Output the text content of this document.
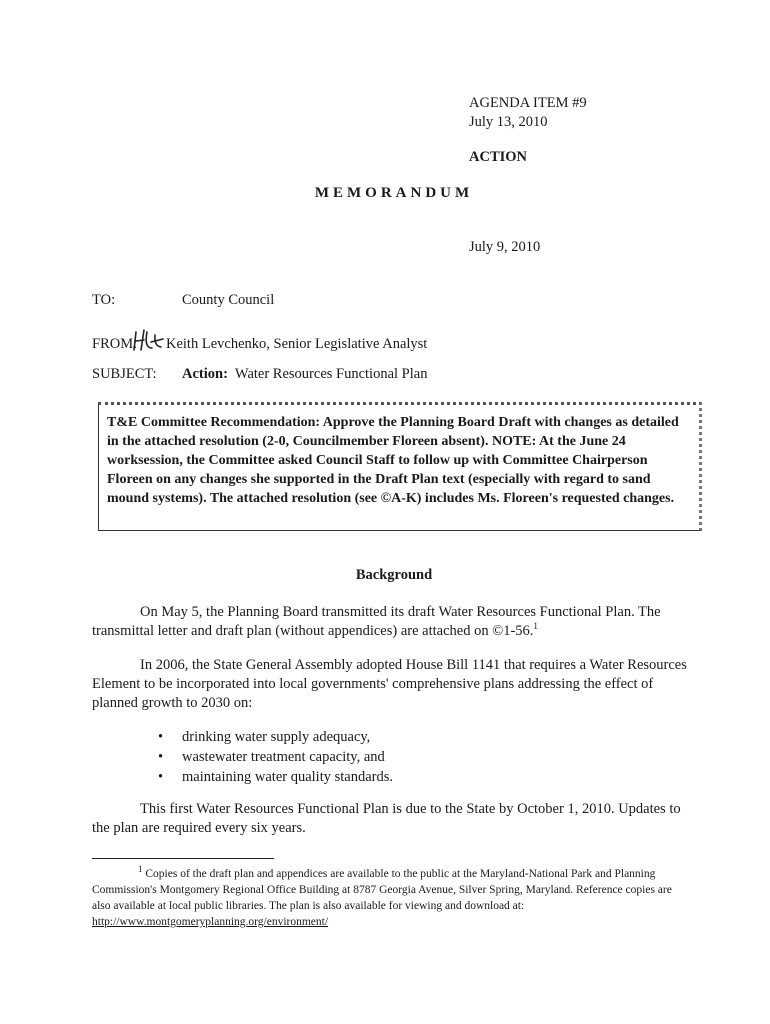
AGENDA ITEM #9
July 13, 2010
ACTION
MEMORANDUM
July 9, 2010
TO:	County Council
FROM: Keith Levchenko, Senior Legislative Analyst
SUBJECT: Action: Water Resources Functional Plan
T&E Committee Recommendation: Approve the Planning Board Draft with changes as detailed in the attached resolution (2-0, Councilmember Floreen absent). NOTE: At the June 24 worksession, the Committee asked Council Staff to follow up with Committee Chairperson Floreen on any changes she supported in the Draft Plan text (especially with regard to sand mound systems). The attached resolution (see ©A-K) includes Ms. Floreen's requested changes.
Background
On May 5, the Planning Board transmitted its draft Water Resources Functional Plan. The transmittal letter and draft plan (without appendices) are attached on ©1-56.$^1$
In 2006, the State General Assembly adopted House Bill 1141 that requires a Water Resources Element to be incorporated into local governments' comprehensive plans addressing the effect of planned growth to 2030 on:
• drinking water supply adequacy,
• wastewater treatment capacity, and
• maintaining water quality standards.
This first Water Resources Functional Plan is due to the State by October 1, 2010. Updates to the plan are required every six years.
$^1$ Copies of the draft plan and appendices are available to the public at the Maryland-National Park and Planning Commission's Montgomery Regional Office Building at 8787 Georgia Avenue, Silver Spring, Maryland. Reference copies are also available at local public libraries. The plan is also available for viewing and download at:
http://www.montgomeryplanning.org/environment/
